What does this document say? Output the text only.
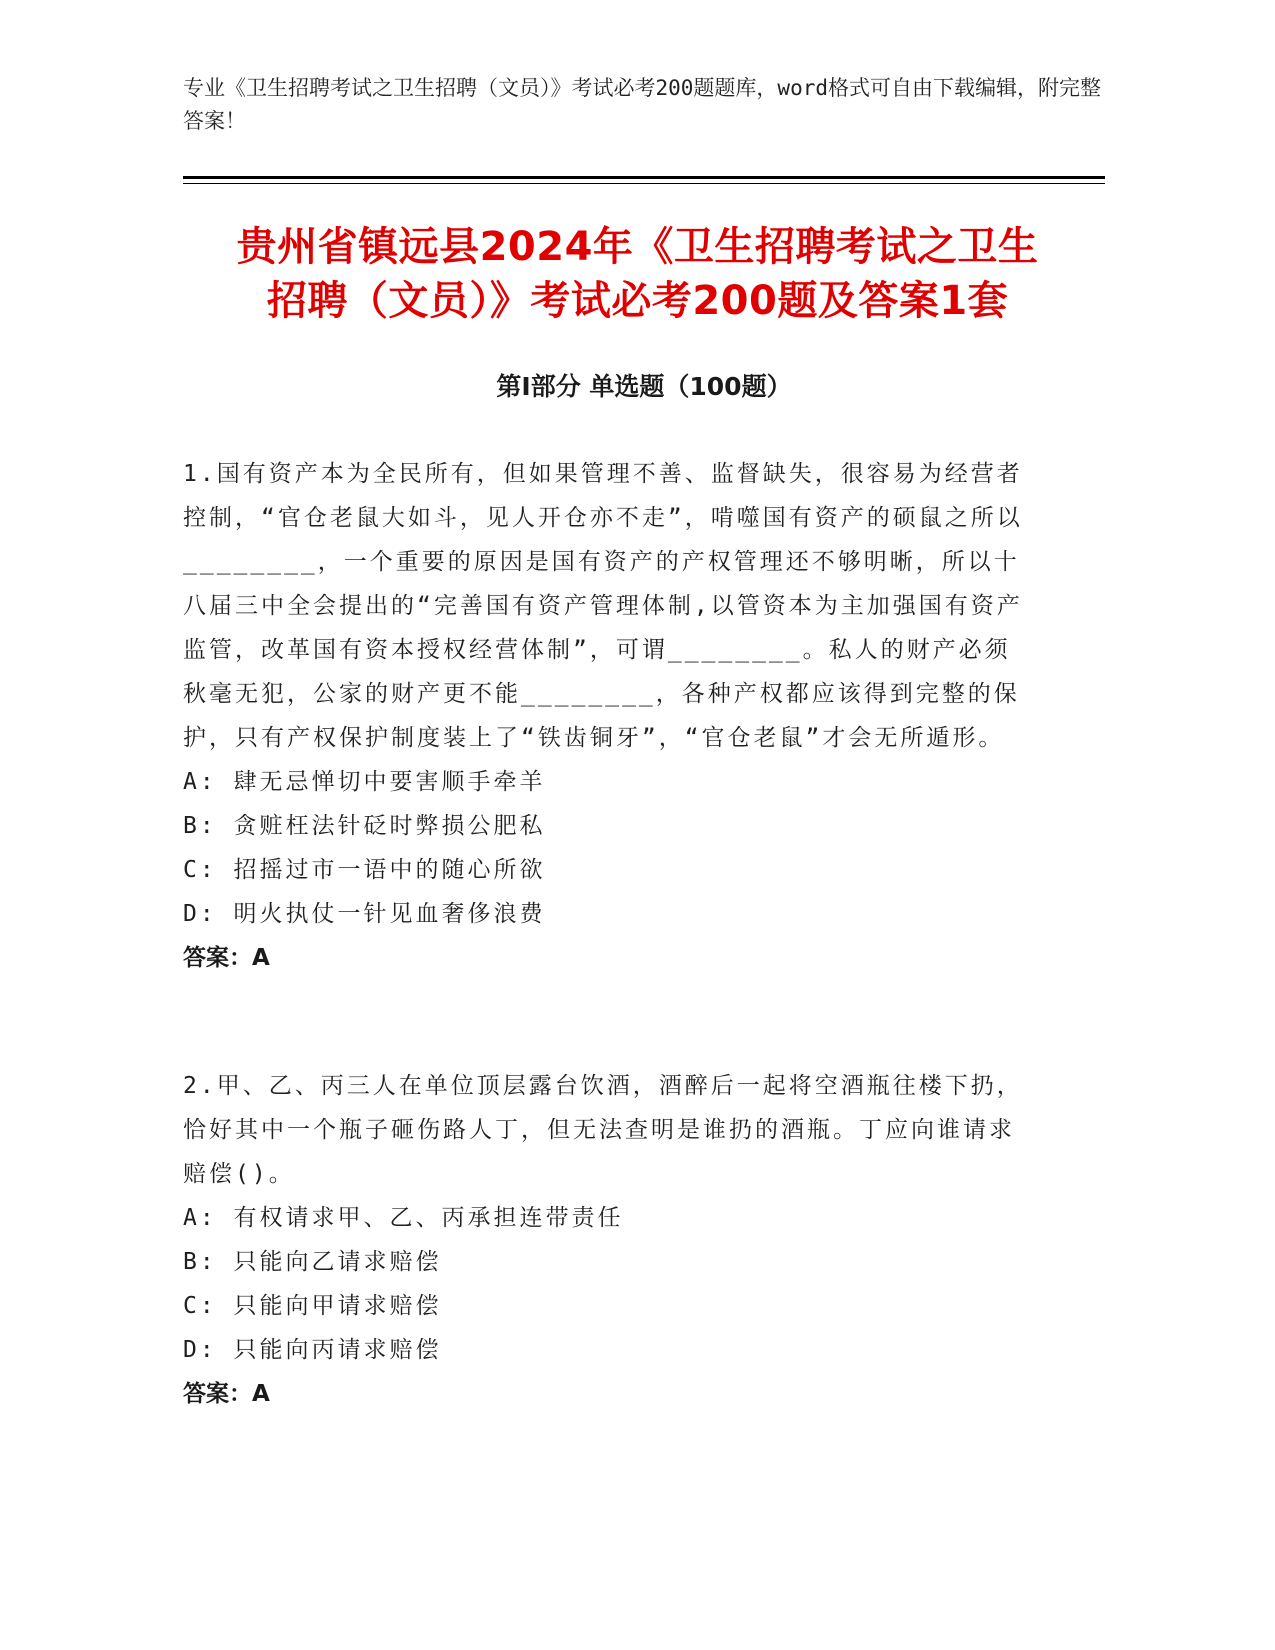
专业《卫生招聘考试之卫生招聘（文员）》考试必考200题题库，word格式可自由下载编辑，附完整答案！
贵州省镇远县2024年《卫生招聘考试之卫生
招聘（文员）》考试必考200题及答案1套
第I部分 单选题（100题）

1.国有资产本为全民所有，但如果管理不善、监督缺失，很容易为经营者控制，“官仓老鼠大如斗，见人开仓亦不走”，啃噬国有资产的硕鼠之所以________，一个重要的原因是国有资产的产权管理还不够明晰，所以十八届三中全会提出的“完善国有资产管理体制,以管资本为主加强国有资产监管，改革国有资本授权经营体制”，可谓________。私人的财产必须秋毫无犯，公家的财产更不能________，各种产权都应该得到完整的保护，只有产权保护制度装上了“铁齿铜牙”，“官仓老鼠”才会无所遁形。

A: 肆无忌惮切中要害顺手牵羊

B: 贪赃枉法针砭时弊损公肥私

C: 招摇过市一语中的随心所欲

D: 明火执仗一针见血奢侈浪费

答案：A

2.甲、乙、丙三人在单位顶层露台饮酒，酒醉后一起将空酒瓶往楼下扔，恰好其中一个瓶子砸伤路人丁，但无法查明是谁扔的酒瓶。丁应向谁请求赔偿()。

A: 有权请求甲、乙、丙承担连带责任

B: 只能向乙请求赔偿

C: 只能向甲请求赔偿

D: 只能向丙请求赔偿

答案：A
